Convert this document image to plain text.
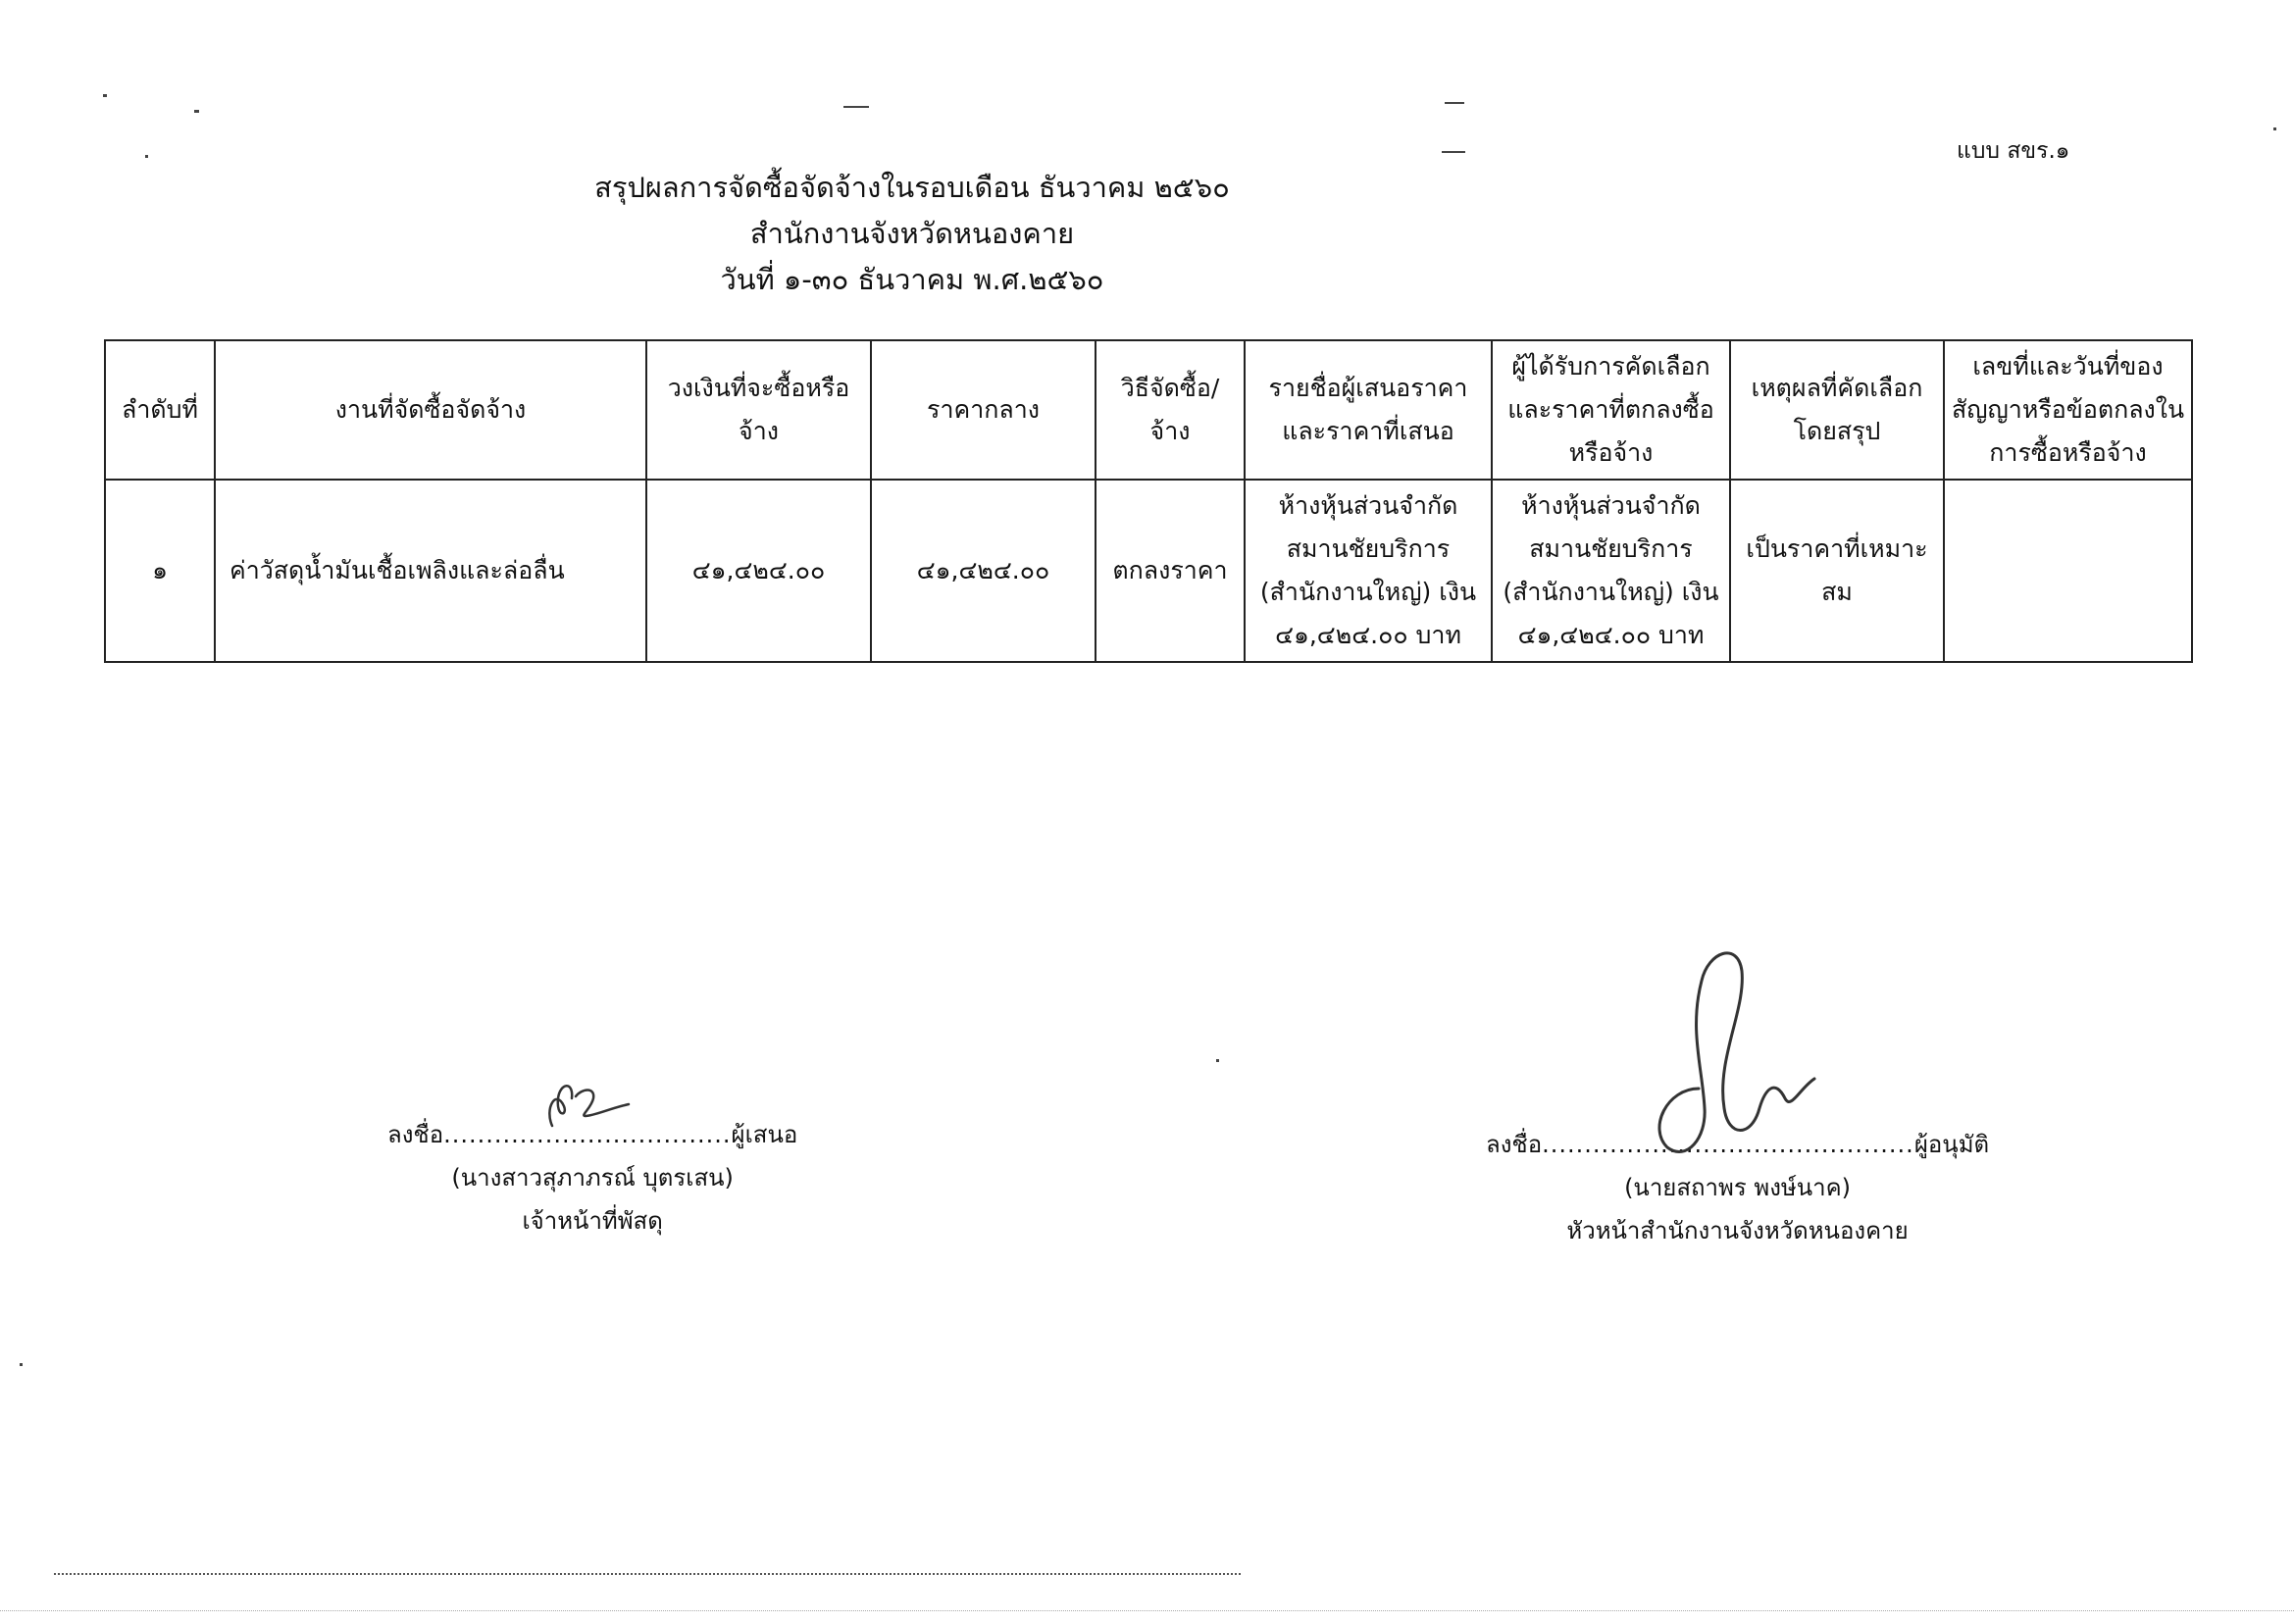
แบบ สขร.๑
สรุปผลการจัดซื้อจัดจ้างในรอบเดือน ธันวาคม ๒๕๖๐
สำนักงานจังหวัดหนองคาย
วันที่ ๑-๓๐ ธันวาคม พ.ศ.๒๕๖๐
ลำดับที่	งานที่จัดซื้อจัดจ้าง	วงเงินที่จะซื้อหรือจ้าง	ราคากลาง	วิธีจัดซื้อ/จ้าง	รายชื่อผู้เสนอราคาและราคาที่เสนอ	ผู้ได้รับการคัดเลือกและราคาที่ตกลงซื้อหรือจ้าง	เหตุผลที่คัดเลือกโดยสรุป	เลขที่และวันที่ของสัญญาหรือข้อตกลงในการซื้อหรือจ้าง
๑	ค่าวัสดุน้ำมันเชื้อเพลิงและล่อลื่น	๔๑,๔๒๔.๐๐	๔๑,๔๒๔.๐๐	ตกลงราคา	ห้างหุ้นส่วนจำกัด สมานชัยบริการ (สำนักงานใหญ่) เงิน ๔๑,๔๒๔.๐๐ บาท	ห้างหุ้นส่วนจำกัด สมานชัยบริการ (สำนักงานใหญ่) เงิน ๔๑,๔๒๔.๐๐ บาท	เป็นราคาที่เหมาะสม	
ลงชื่อ..................................ผู้เสนอ
(นางสาวสุภาภรณ์ บุตรเสน)
เจ้าหน้าที่พัสดุ
ลงชื่อ............................................ผู้อนุมัติ
(นายสถาพร พงษ์นาค)
หัวหน้าสำนักงานจังหวัดหนองคาย
